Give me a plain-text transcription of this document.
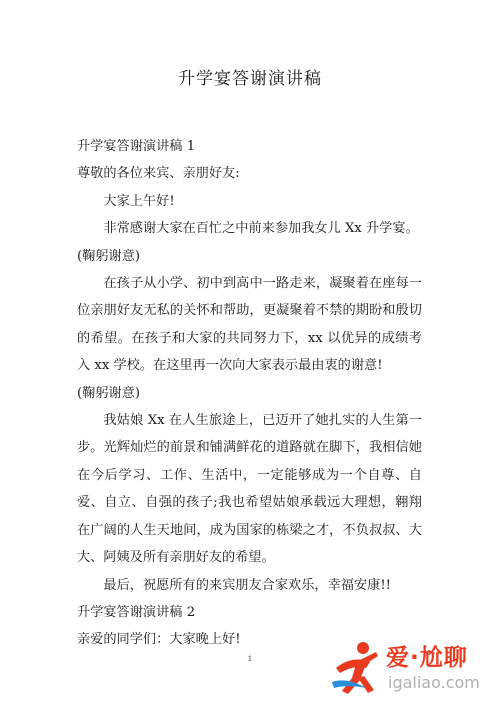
升学宴答谢演讲稿

升学宴答谢演讲稿 1

尊敬的各位来宾、亲朋好友:

大家上午好!

非常感谢大家在百忙之中前来参加我女儿 Xx 升学宴。

(鞠躬谢意)

在孩子从小学、初中到高中一路走来，凝聚着在座每一位亲朋好友无私的关怀和帮助，更凝聚着不禁的期盼和殷切的希望。在孩子和大家的共同努力下，xx 以优异的成绩考入 xx 学校。在这里再一次向大家表示最由衷的谢意!

(鞠躬谢意)

我姑娘 Xx 在人生旅途上，已迈开了她扎实的人生第一步。光辉灿烂的前景和铺满鲜花的道路就在脚下，我相信她在今后学习、工作、生活中，一定能够成为一个自尊、自爱、自立、自强的孩子;我也希望姑娘承载远大理想，翱翔在广阔的人生天地间，成为国家的栋梁之才，不负叔叔、大大、阿姨及所有亲朋好友的希望。

最后，祝愿所有的来宾朋友合家欢乐，幸福安康!!

升学宴答谢演讲稿 2

亲爱的同学们：大家晚上好!

1	爱·尬聊
igaliao.com
